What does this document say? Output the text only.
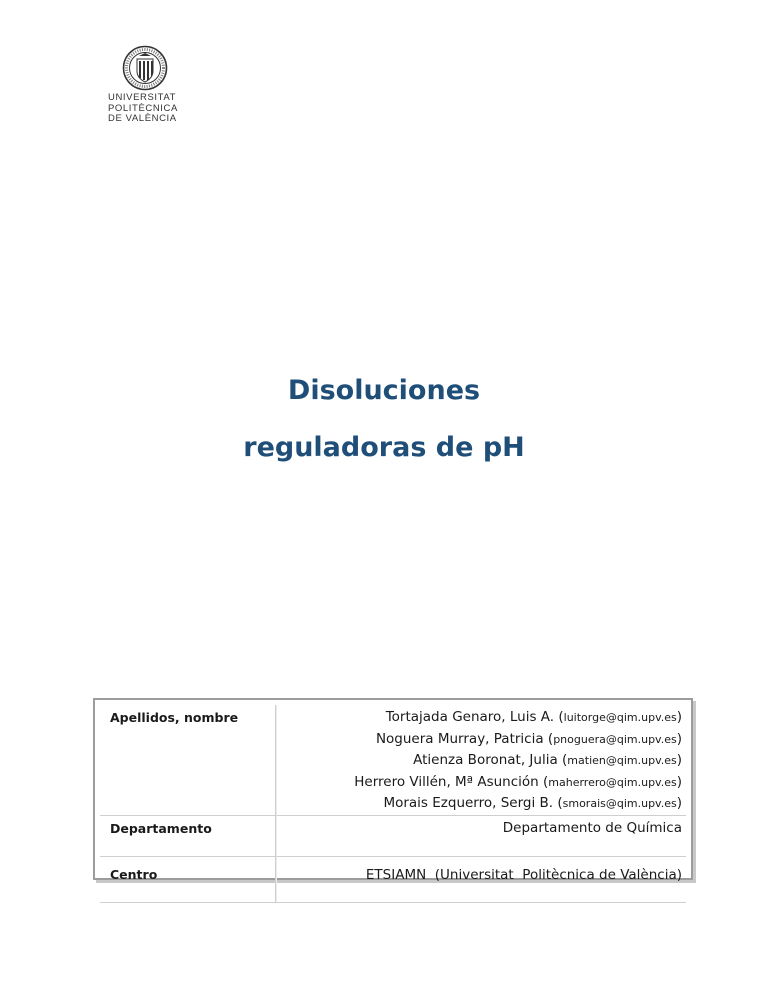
UNIVERSITAT
POLITÈCNICA
DE VALÈNCIA
Disoluciones
reguladoras de pH
Apellidos, nombre	Tortajada Genaro, Luis A. (luitorge@qim.upv.es)
Noguera Murray, Patricia (pnoguera@qim.upv.es)
Atienza Boronat, Julia (matien@qim.upv.es)
Herrero Villén, Mª Asunción (maherrero@qim.upv.es)
Morais Ezquerro, Sergi B. (smorais@qim.upv.es)

Departamento	Departamento de Química
Centro	ETSIAMN  (Universitat  Politècnica de València)
